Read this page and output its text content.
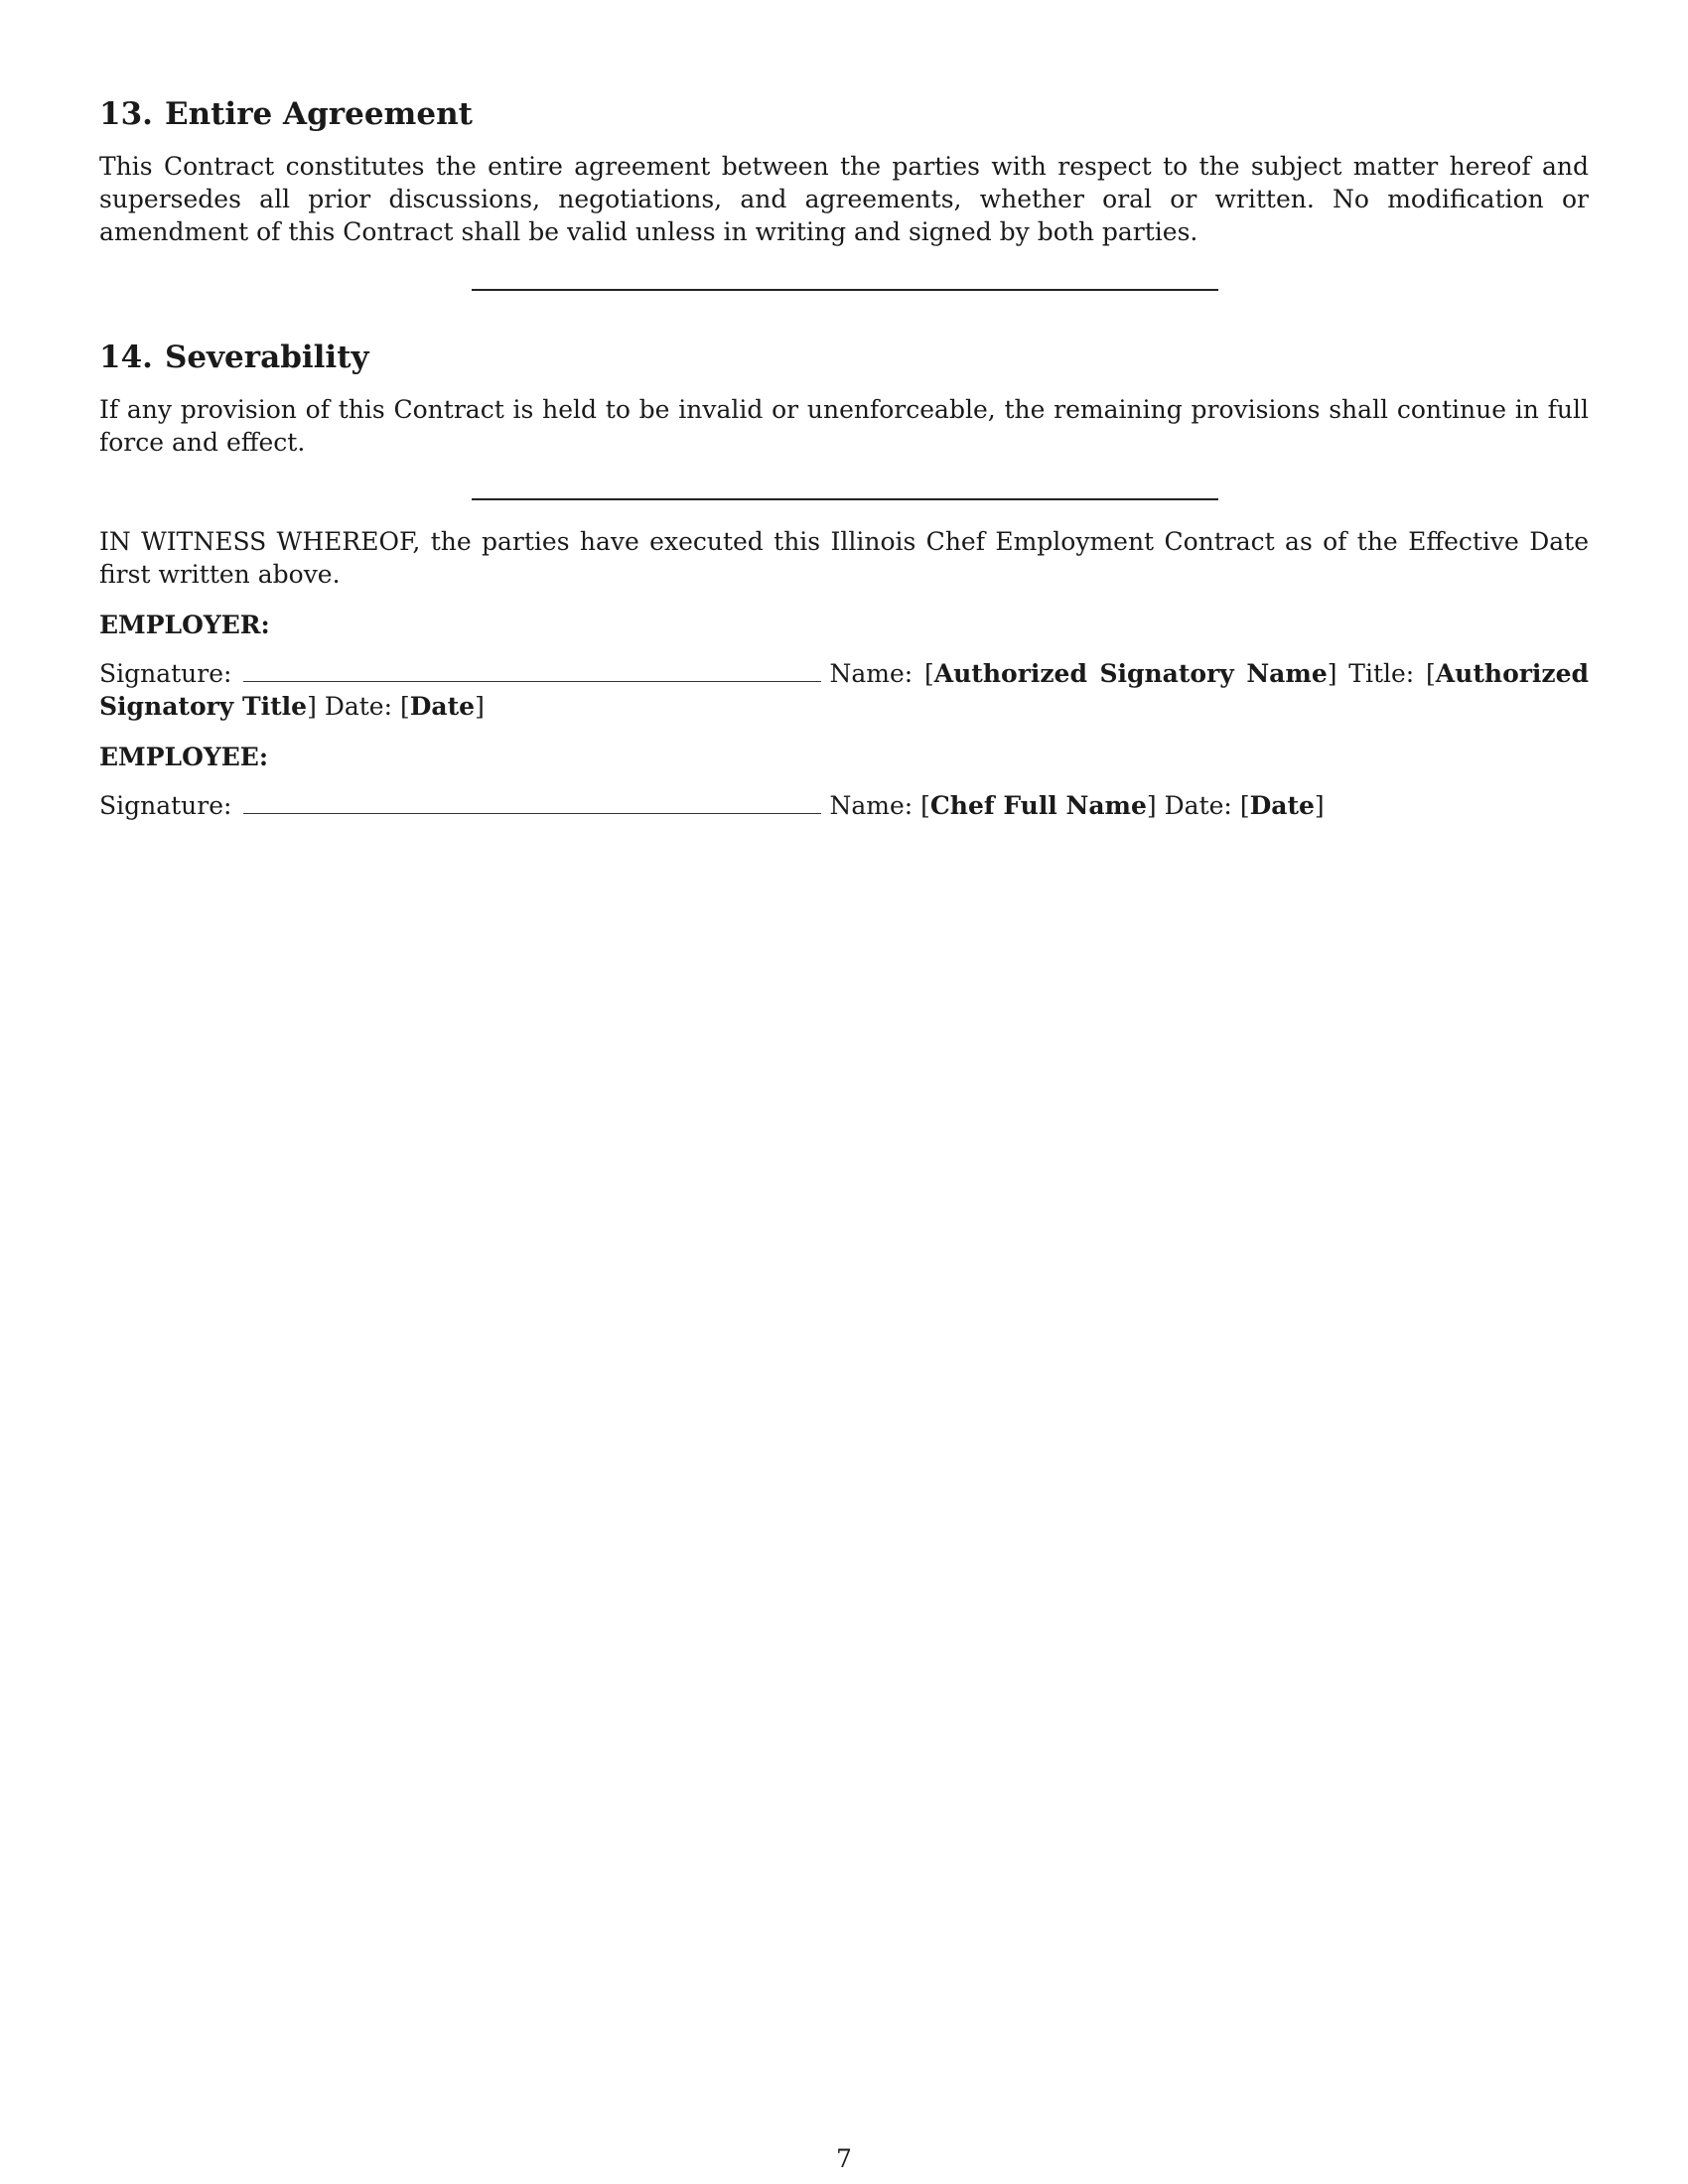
13. Entire Agreement

This Contract constitutes the entire agreement between the parties with respect to the subject matter hereof and supersedes all prior discussions, negotiations, and agreements, whether oral or written. No modification or amendment of this Contract shall be valid unless in writing and signed by both parties.

14. Severability

If any provision of this Contract is held to be invalid or unenforceable, the remaining provisions shall continue in full force and effect.

IN WITNESS WHEREOF, the parties have executed this Illinois Chef Employment Contract as of the Effective Date first written above.

EMPLOYER:

Signature:	Name: [Authorized Signatory Name] Title: [Authorized Signatory Title] Date: [Date]

EMPLOYEE:

Signature:	Name: [Chef Full Name] Date: [Date]

7
